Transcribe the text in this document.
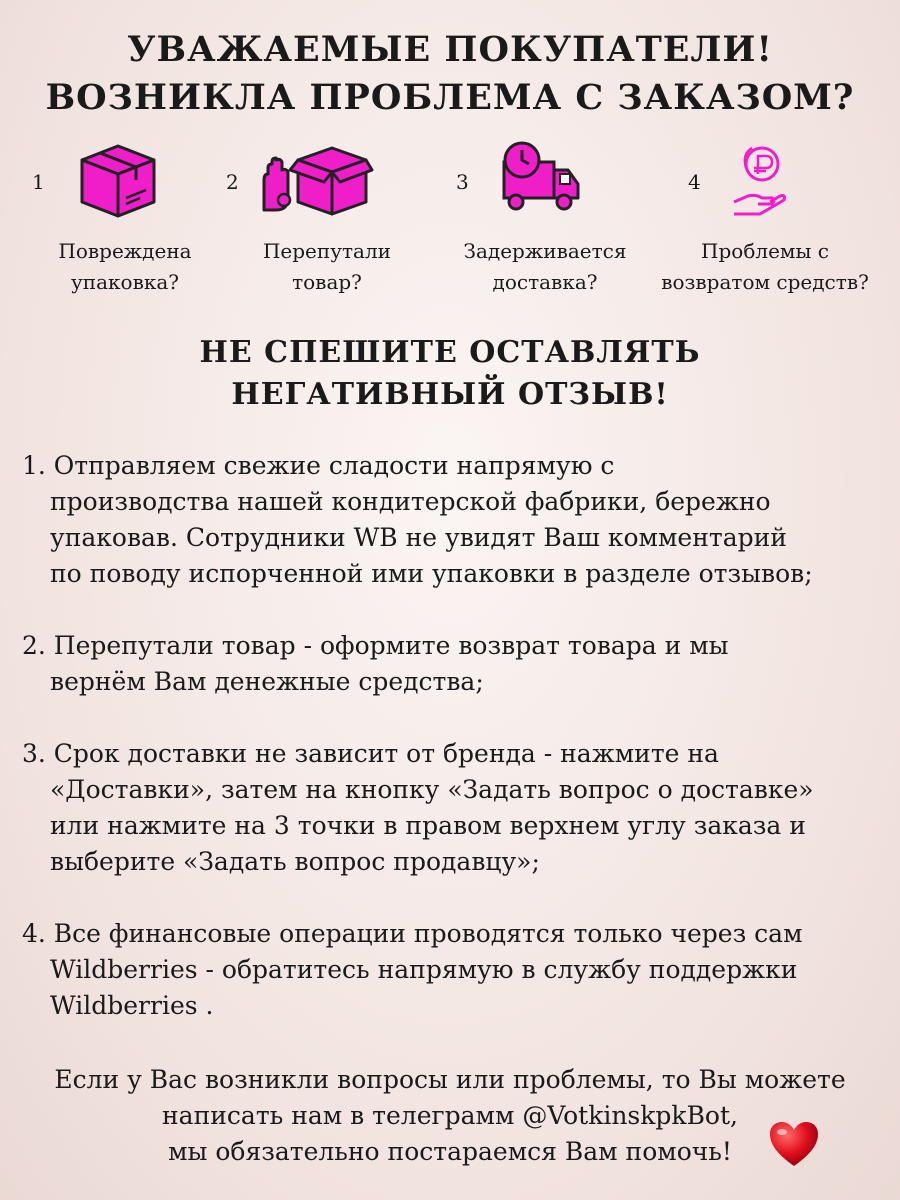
УВАЖАЕМЫЕ ПОКУПАТЕЛИ!
ВОЗНИКЛА ПРОБЛЕМА С ЗАКАЗОМ?
1
Повреждена
упаковка?
2
Перепутали
товар?
3
Задерживается
доставка?
4
Проблемы с
возвратом средств?
НЕ СПЕШИТЕ ОСТАВЛЯТЬ
НЕГАТИВНЫЙ ОТЗЫВ!
1. Отправляем свежие сладости напрямую с
производства нашей кондитерской фабрики, бережно
упаковав. Сотрудники WB не увидят Ваш комментарий
по поводу испорченной ими упаковки в разделе отзывов;
2. Перепутали товар - оформите возврат товара и мы
вернём Вам денежные средства;
3. Срок доставки не зависит от бренда - нажмите на
«Доставки», затем на кнопку «Задать вопрос о доставке»
или нажмите на 3 точки в правом верхнем углу заказа и
выберите «Задать вопрос продавцу»;
4. Все финансовые операции проводятся только через сам
Wildberries - обратитесь напрямую в службу поддержки
Wildberries .
Если у Вас возникли вопросы или проблемы, то Вы можете
написать нам в телеграмм @VotkinskpkBot,
мы обязательно постараемся Вам помочь!
